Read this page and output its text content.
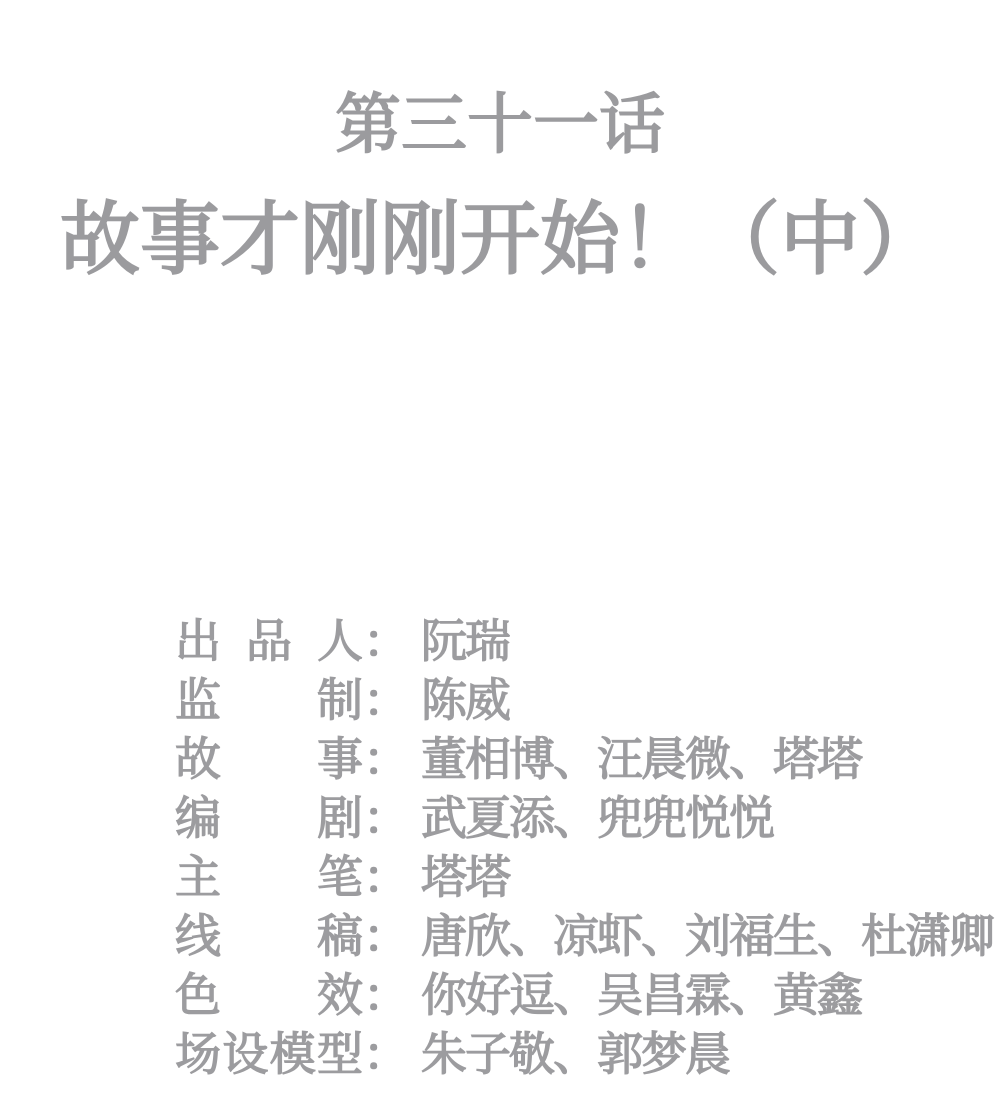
第三十一话
故事才刚刚开始！（中）
出品人 ： 阮瑞
监制 ： 陈威
故事 ： 董相博、汪晨微、塔塔
编剧 ： 武夏添、兜兜悦悦
主笔 ： 塔塔
线稿 ： 唐欣、凉虾、刘福生、杜潇卿
色效 ： 你好逗、吴昌霖、黄鑫
场设模型 ： 朱子敬、郭梦晨
